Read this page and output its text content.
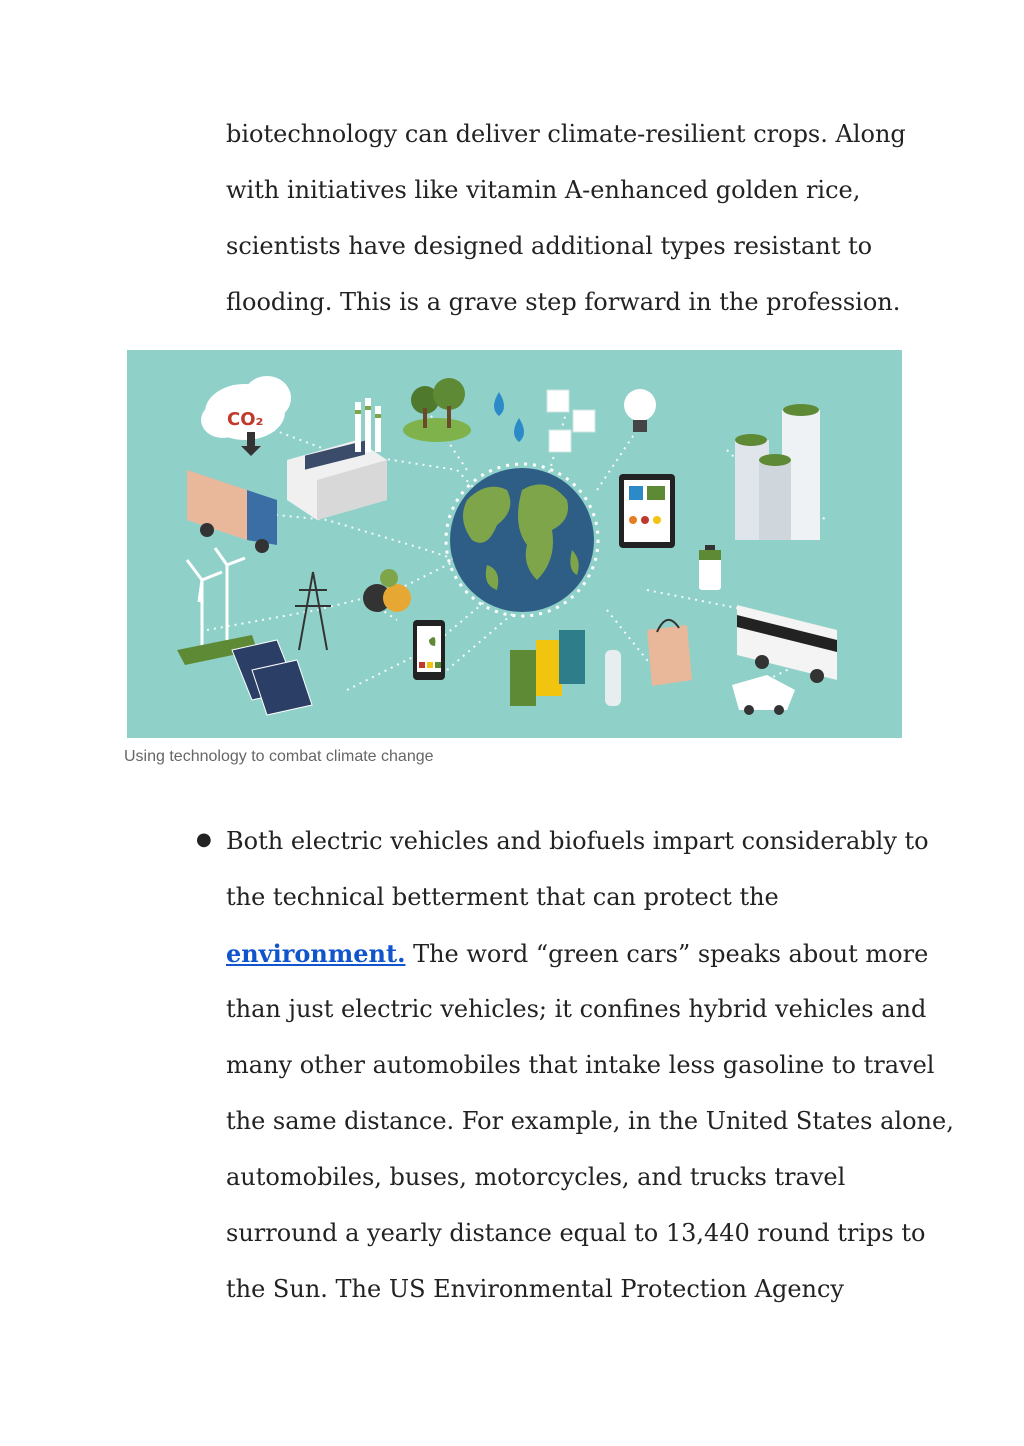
biotechnology can deliver climate-resilient crops. Along
with initiatives like vitamin A-enhanced golden rice,
scientists have designed additional types resistant to
flooding. This is a grave step forward in the profession.
CO₂
Using technology to combat climate change
● Both electric vehicles and biofuels impart considerably to
the technical betterment that can protect the
environment. The word “green cars” speaks about more
than just electric vehicles; it confines hybrid vehicles and
many other automobiles that intake less gasoline to travel
the same distance. For example, in the United States alone,
automobiles, buses, motorcycles, and trucks travel
surround a yearly distance equal to 13,440 round trips to
the Sun. The US Environmental Protection Agency
